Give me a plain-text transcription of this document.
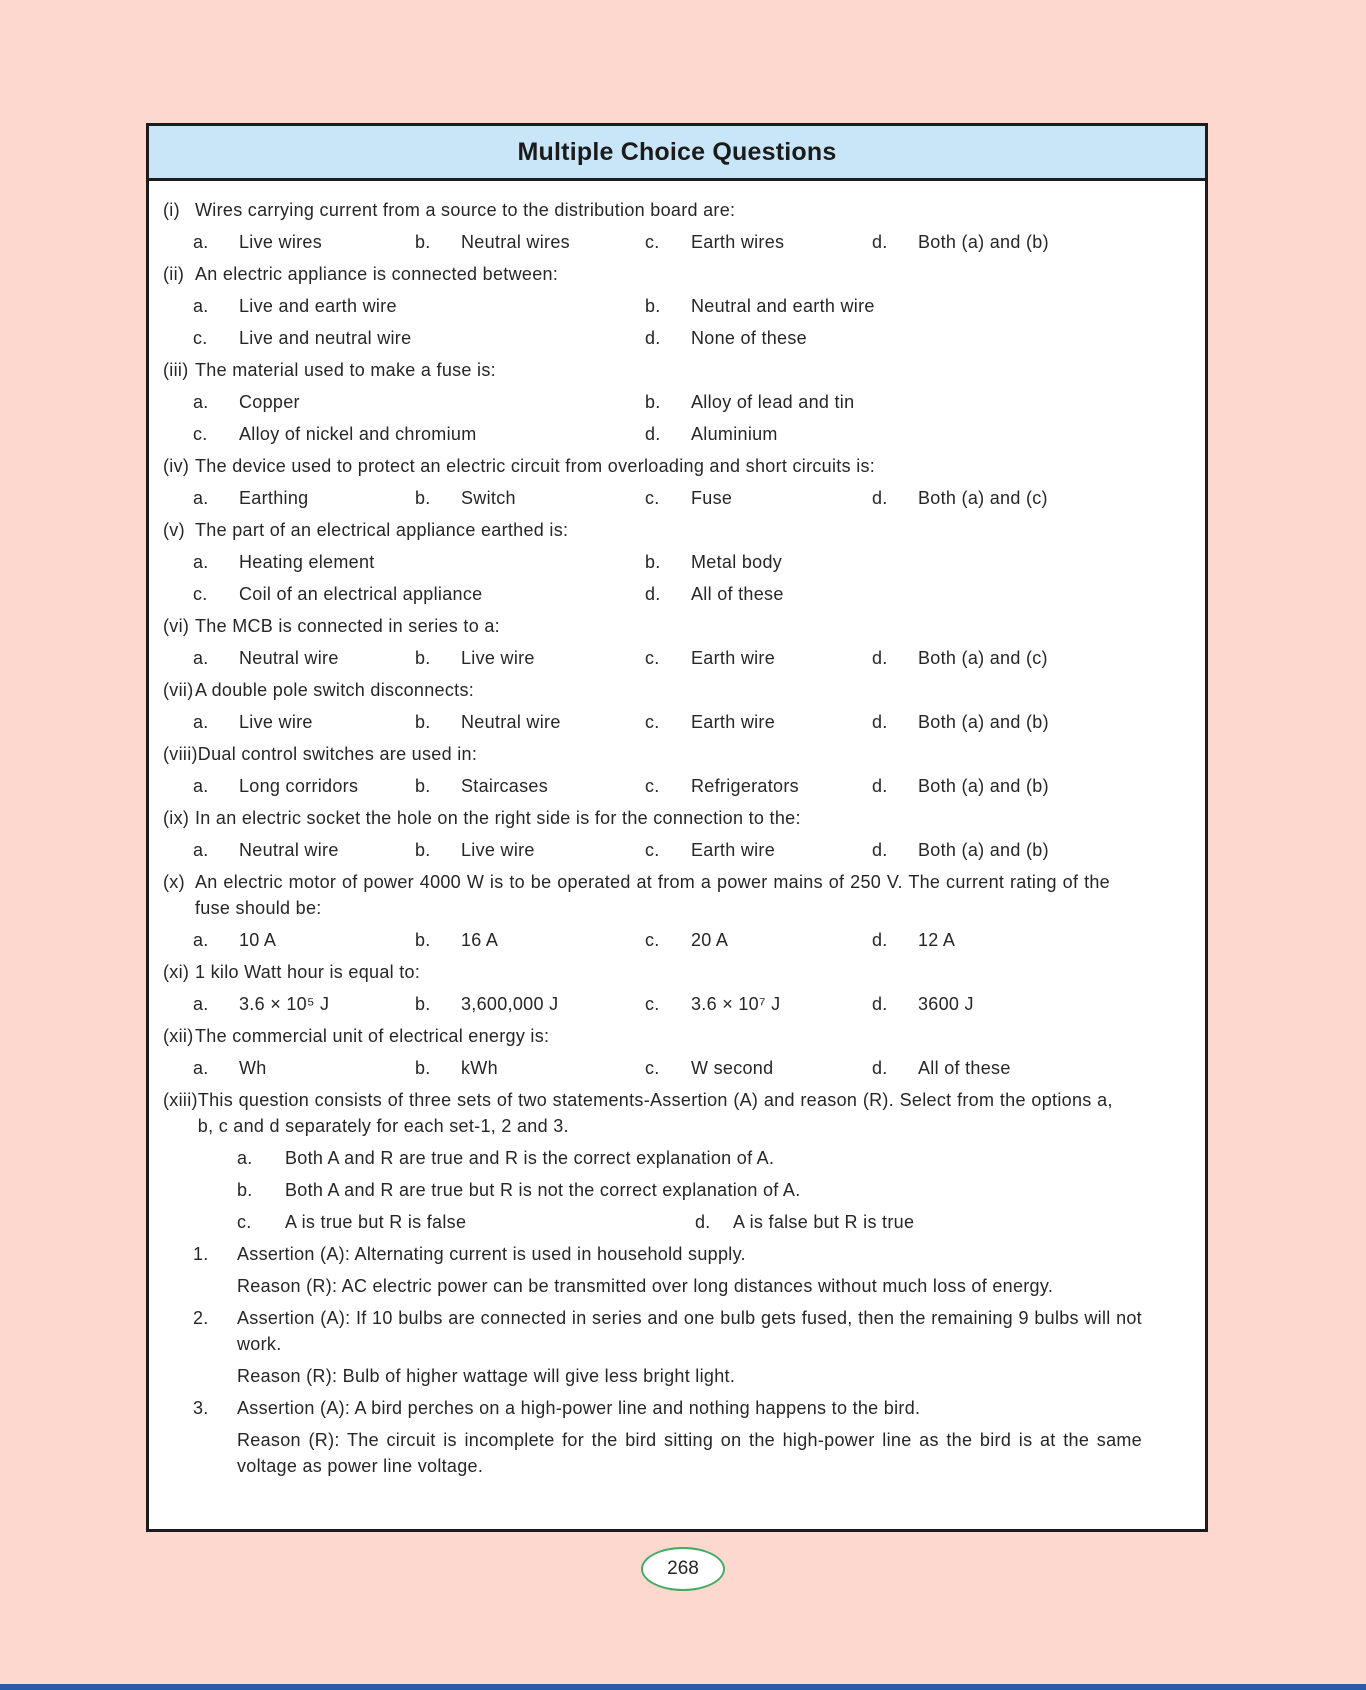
Multiple Choice Questions
(i) Wires carrying current from a source to the distribution board are:
a.	Live wires	b.	Neutral wires	c.	Earth wires	d.	Both (a) and (b)
(ii) An electric appliance is connected between:
a.	Live and earth wire	b.	Neutral and earth wire
c.	Live and neutral wire	d.	None of these
(iii) The material used to make a fuse is:
a.	Copper	b.	Alloy of lead and tin
c.	Alloy of nickel and chromium	d.	Aluminium
(iv) The device used to protect an electric circuit from overloading and short circuits is:
a.	Earthing	b.	Switch	c.	Fuse	d.	Both (a) and (c)
(v) The part of an electrical appliance earthed is:
a.	Heating element	b.	Metal body
c.	Coil of an electrical appliance	d.	All of these
(vi) The MCB is connected in series to a:
a.	Neutral wire	b.	Live wire	c.	Earth wire	d.	Both (a) and (c)
(vii) A double pole switch disconnects:
a.	Live wire	b.	Neutral wire	c.	Earth wire	d.	Both (a) and (b)
(viii) Dual control switches are used in:
a.	Long corridors	b.	Staircases	c.	Refrigerators	d.	Both (a) and (b)
(ix) In an electric socket the hole on the right side is for the connection to the:
a.	Neutral wire	b.	Live wire	c.	Earth wire	d.	Both (a) and (b)
(x) An electric motor of power 4000 W is to be operated at from a power mains of 250 V. The current rating of the fuse should be:
a.	10 A	b.	16 A	c.	20 A	d.	12 A
(xi) 1 kilo Watt hour is equal to:
a.	3.6 × 10⁵ J	b.	3,600,000 J	c.	3.6 × 10⁷ J	d.	3600 J
(xii) The commercial unit of electrical energy is:
a.	Wh	b.	kWh	c.	W second	d.	All of these
(xiii) This question consists of three sets of two statements-Assertion (A) and reason (R). Select from the options a, b, c and d separately for each set-1, 2 and 3.
a.	Both A and R are true and R is the correct explanation of A.
b.	Both A and R are true but R is not the correct explanation of A.
c.	A is true but R is false	d.	A is false but R is true
1.	Assertion (A): Alternating current is used in household supply.
Reason (R): AC electric power can be transmitted over long distances without much loss of energy.
2.	Assertion (A): If 10 bulbs are connected in series and one bulb gets fused, then the remaining 9 bulbs will not work.
Reason (R): Bulb of higher wattage will give less bright light.
3.	Assertion (A): A bird perches on a high-power line and nothing happens to the bird.
Reason (R): The circuit is incomplete for the bird sitting on the high-power line as the bird is at the same voltage as power line voltage.
268
